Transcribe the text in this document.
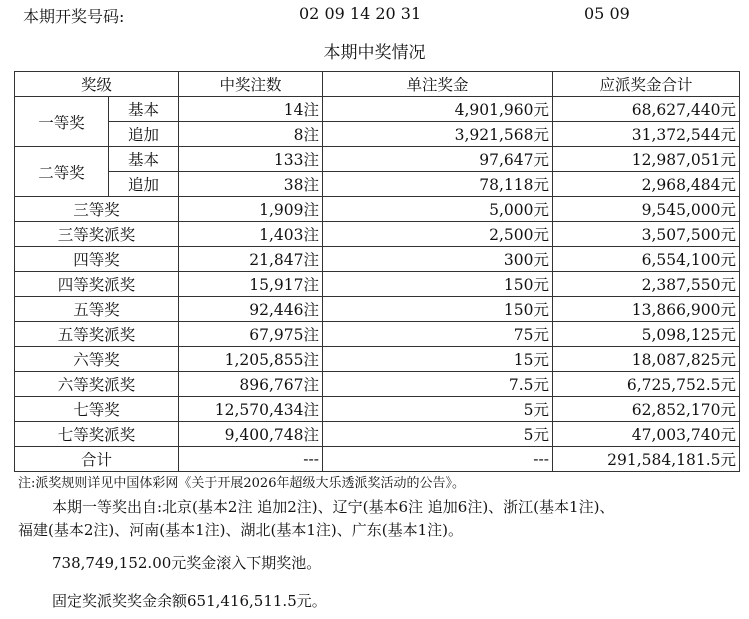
本期开奖号码:	02 09 14 20 31	05 09
本期中奖情况
奖级		中奖注数	单注奖金	应派奖金合计
一等奖	基本	14注	4,901,960元	68,627,440元
	追加	8注	3,921,568元	31,372,544元
二等奖	基本	133注	97,647元	12,987,051元
	追加	38注	78,118元	2,968,484元
三等奖		1,909注	5,000元	9,545,000元
三等奖派奖		1,403注	2,500元	3,507,500元
四等奖		21,847注	300元	6,554,100元
四等奖派奖		15,917注	150元	2,387,550元
五等奖		92,446注	150元	13,866,900元
五等奖派奖		67,975注	75元	5,098,125元
六等奖		1,205,855注	15元	18,087,825元
六等奖派奖		896,767注	7.5元	6,725,752.5元
七等奖		12,570,434注	5元	62,852,170元
七等奖派奖		9,400,748注	5元	47,003,740元
合计		---	---	291,584,181.5元
注:派奖规则详见中国体彩网《关于开展2026年超级大乐透派奖活动的公告》。
本期一等奖出自:北京(基本2注 追加2注)、辽宁(基本6注 追加6注)、浙江(基本1注)、
福建(基本2注)、河南(基本1注)、湖北(基本1注)、广东(基本1注)。
738,749,152.00元奖金滚入下期奖池。
固定奖派奖奖金余额651,416,511.5元。
